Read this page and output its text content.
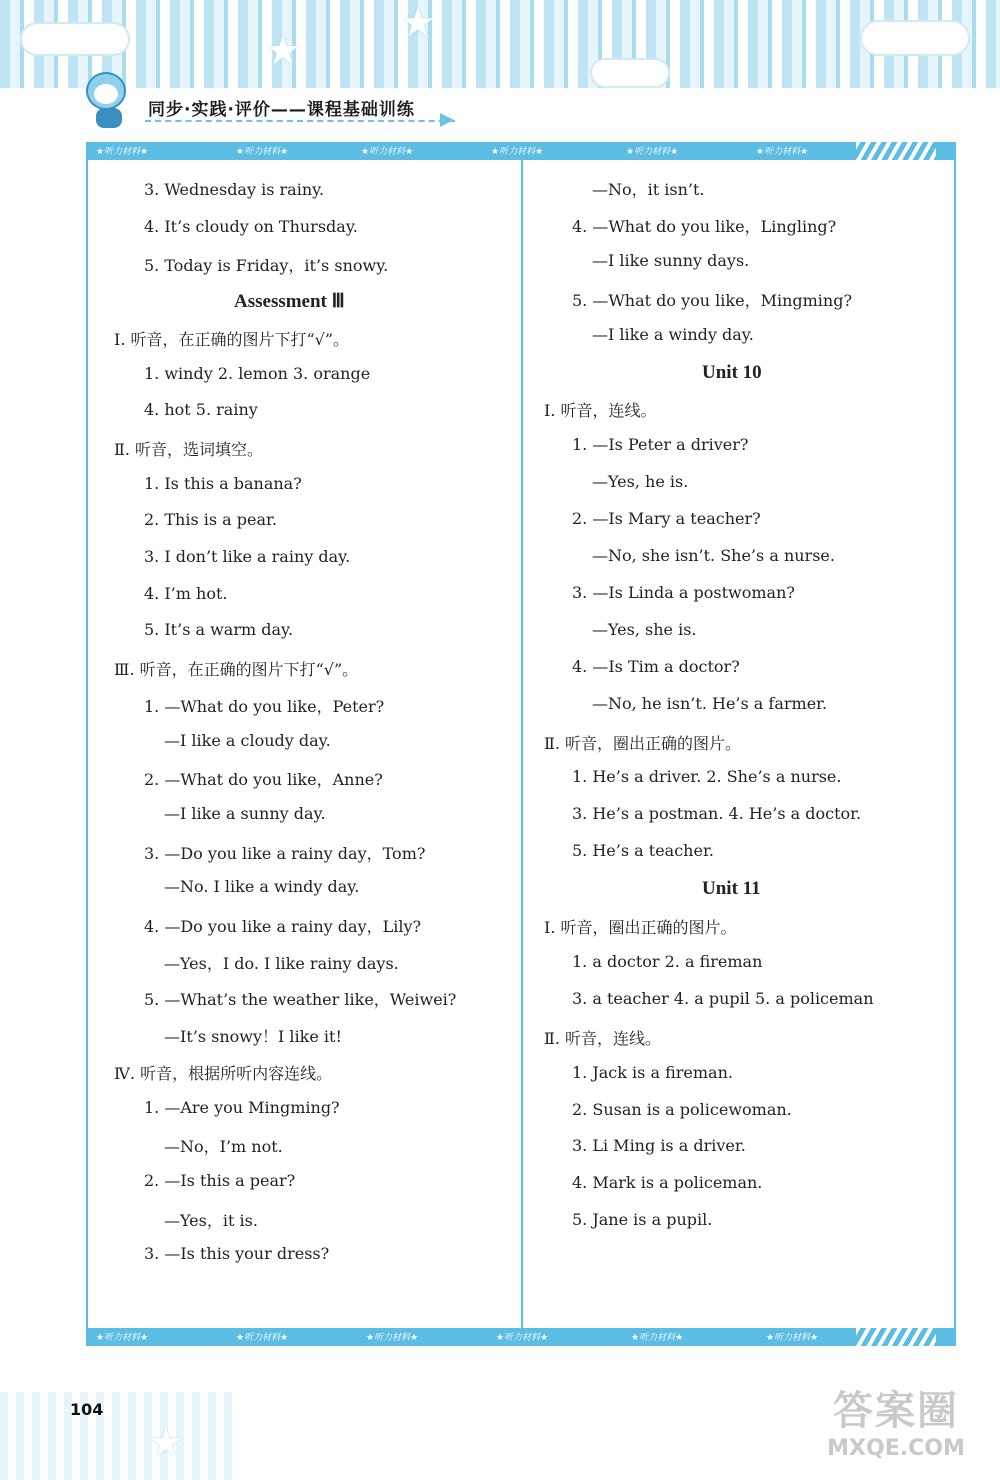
★
★
同步·实践·评价——课程基础训练
★听力材料★	★听力材料★	★听力材料★	★听力材料★	★听力材料★	★听力材料★
★听力材料★	★听力材料★	★听力材料★	★听力材料★	★听力材料★	★听力材料★
3. Wednesday is rainy.
4. It’s cloudy on Thursday.
5. Today is Friday，it’s snowy.
Assessment Ⅲ
Ⅰ. 听音，在正确的图片下打“√”。
1. windy 2. lemon 3. orange
4. hot 5. rainy
Ⅱ. 听音，选词填空。
1. Is this a banana?
2. This is a pear.
3. I don’t like a rainy day.
4. I’m hot.
5. It’s a warm day.
Ⅲ. 听音，在正确的图片下打“√”。
1. —What do you like，Peter?
—I like a cloudy day.
2. —What do you like，Anne?
—I like a sunny day.
3. —Do you like a rainy day，Tom?
—No. I like a windy day.
4. —Do you like a rainy day，Lily?
—Yes，I do. I like rainy days.
5. —What’s the weather like，Weiwei?
—It’s snowy！I like it!
Ⅳ. 听音，根据所听内容连线。
1. —Are you Mingming?
—No，I’m not.
2. —Is this a pear?
—Yes，it is.
3. —Is this your dress?
—No，it isn’t.
4. —What do you like，Lingling?
—I like sunny days.
5. —What do you like，Mingming?
—I like a windy day.
Unit 10
Ⅰ. 听音，连线。
1. —Is Peter a driver?
—Yes, he is.
2. —Is Mary a teacher?
—No, she isn’t. She’s a nurse.
3. —Is Linda a postwoman?
—Yes, she is.
4. —Is Tim a doctor?
—No, he isn’t. He’s a farmer.
Ⅱ. 听音，圈出正确的图片。
1. He’s a driver. 2. She’s a nurse.
3. He’s a postman. 4. He’s a doctor.
5. He’s a teacher.
Unit 11
Ⅰ. 听音，圈出正确的图片。
1. a doctor 2. a fireman
3. a teacher 4. a pupil 5. a policeman
Ⅱ. 听音，连线。
1. Jack is a fireman.
2. Susan is a policewoman.
3. Li Ming is a driver.
4. Mark is a policeman.
5. Jane is a pupil.
★
104	答案圈
MXQE.COM
